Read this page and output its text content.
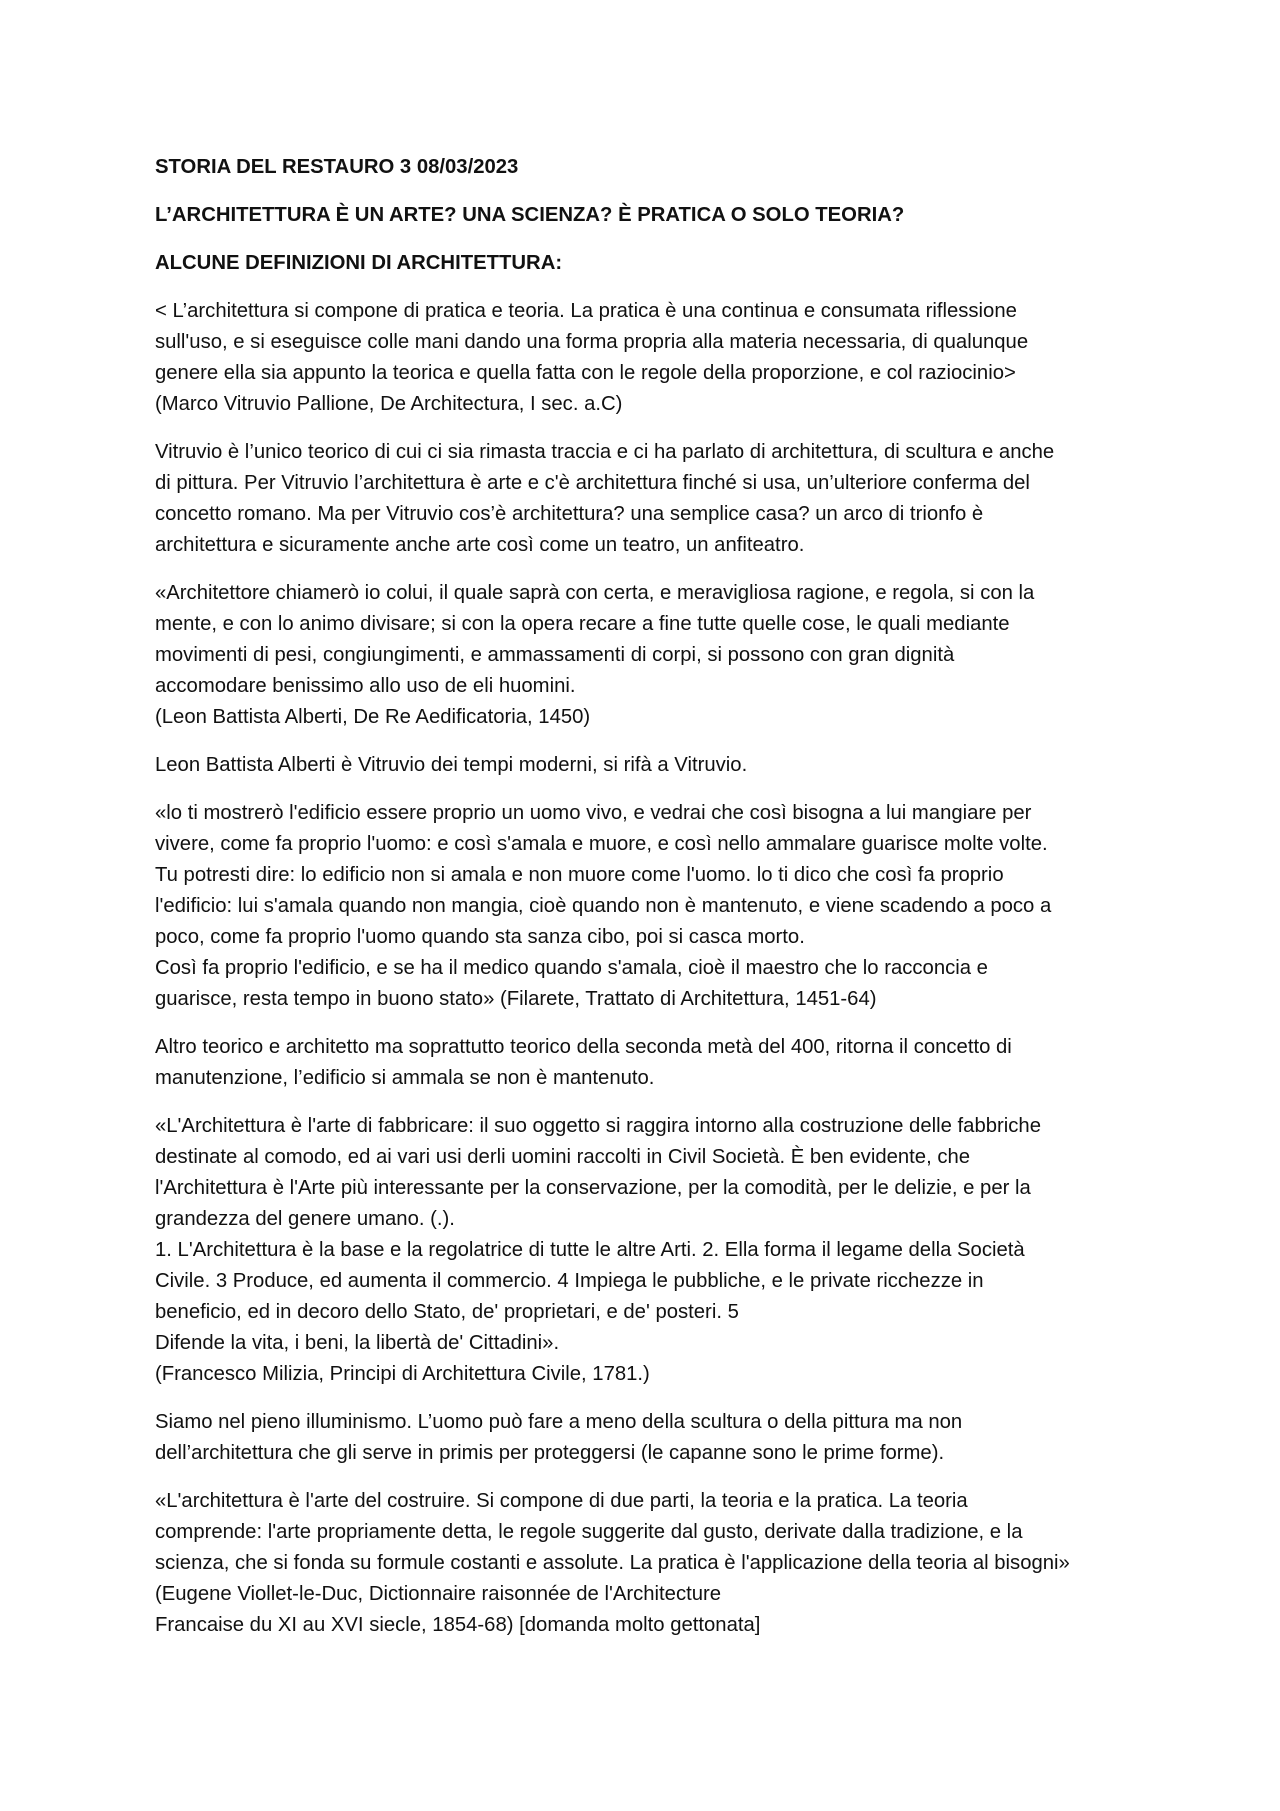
STORIA DEL RESTAURO 3 08/03/2023
L’ARCHITETTURA È UN ARTE? UNA SCIENZA? È PRATICA O SOLO TEORIA?
ALCUNE DEFINIZIONI DI ARCHITETTURA:
< L’architettura si compone di pratica e teoria. La pratica è una continua e consumata riflessione
sull'uso, e si eseguisce colle mani dando una forma propria alla materia necessaria, di qualunque
genere ella sia appunto la teorica e quella fatta con le regole della proporzione, e col raziocinio>
(Marco Vitruvio Pallione, De Architectura, I sec. a.C)
Vitruvio è l’unico teorico di cui ci sia rimasta traccia e ci ha parlato di architettura, di scultura e anche
di pittura. Per Vitruvio l’architettura è arte e c'è architettura finché si usa, un’ulteriore conferma del
concetto romano. Ma per Vitruvio cos’è architettura? una semplice casa? un arco di trionfo è
architettura e sicuramente anche arte così come un teatro, un anfiteatro.
«Architettore chiamerò io colui, il quale saprà con certa, e meravigliosa ragione, e regola, si con la
mente, e con lo animo divisare; si con la opera recare a fine tutte quelle cose, le quali mediante
movimenti di pesi, congiungimenti, e ammassamenti di corpi, si possono con gran dignità
accomodare benissimo allo uso de eli huomini.
(Leon Battista Alberti, De Re Aedificatoria, 1450)
Leon Battista Alberti è Vitruvio dei tempi moderni, si rifà a Vitruvio.
«lo ti mostrerò l'edificio essere proprio un uomo vivo, e vedrai che così bisogna a lui mangiare per
vivere, come fa proprio l'uomo: e così s'amala e muore, e così nello ammalare guarisce molte volte.
Tu potresti dire: lo edificio non si amala e non muore come l'uomo. lo ti dico che così fa proprio
l'edificio: lui s'amala quando non mangia, cioè quando non è mantenuto, e viene scadendo a poco a
poco, come fa proprio l'uomo quando sta sanza cibo, poi si casca morto.
Così fa proprio l'edificio, e se ha il medico quando s'amala, cioè il maestro che lo racconcia e
guarisce, resta tempo in buono stato» (Filarete, Trattato di Architettura, 1451-64)
Altro teorico e architetto ma soprattutto teorico della seconda metà del 400, ritorna il concetto di
manutenzione, l’edificio si ammala se non è mantenuto.
«L'Architettura è l'arte di fabbricare: il suo oggetto si raggira intorno alla costruzione delle fabbriche
destinate al comodo, ed ai vari usi derli uomini raccolti in Civil Società. È ben evidente, che
l'Architettura è l'Arte più interessante per la conservazione, per la comodità, per le delizie, e per la
grandezza del genere umano. (.).
1. L'Architettura è la base e la regolatrice di tutte le altre Arti. 2. Ella forma il legame della Società
Civile. 3 Produce, ed aumenta il commercio. 4 Impiega le pubbliche, e le private ricchezze in
beneficio, ed in decoro dello Stato, de' proprietari, e de' posteri. 5
Difende la vita, i beni, la libertà de' Cittadini».
(Francesco Milizia, Principi di Architettura Civile, 1781.)
Siamo nel pieno illuminismo. L’uomo può fare a meno della scultura o della pittura ma non
dell’architettura che gli serve in primis per proteggersi (le capanne sono le prime forme).
«L'architettura è l'arte del costruire. Si compone di due parti, la teoria e la pratica. La teoria
comprende: l'arte propriamente detta, le regole suggerite dal gusto, derivate dalla tradizione, e la
scienza, che si fonda su formule costanti e assolute. La pratica è l'applicazione della teoria al bisogni»
(Eugene Viollet-le-Duc, Dictionnaire raisonnée de l'Architecture
Francaise du XI au XVI siecle, 1854-68) [domanda molto gettonata]
